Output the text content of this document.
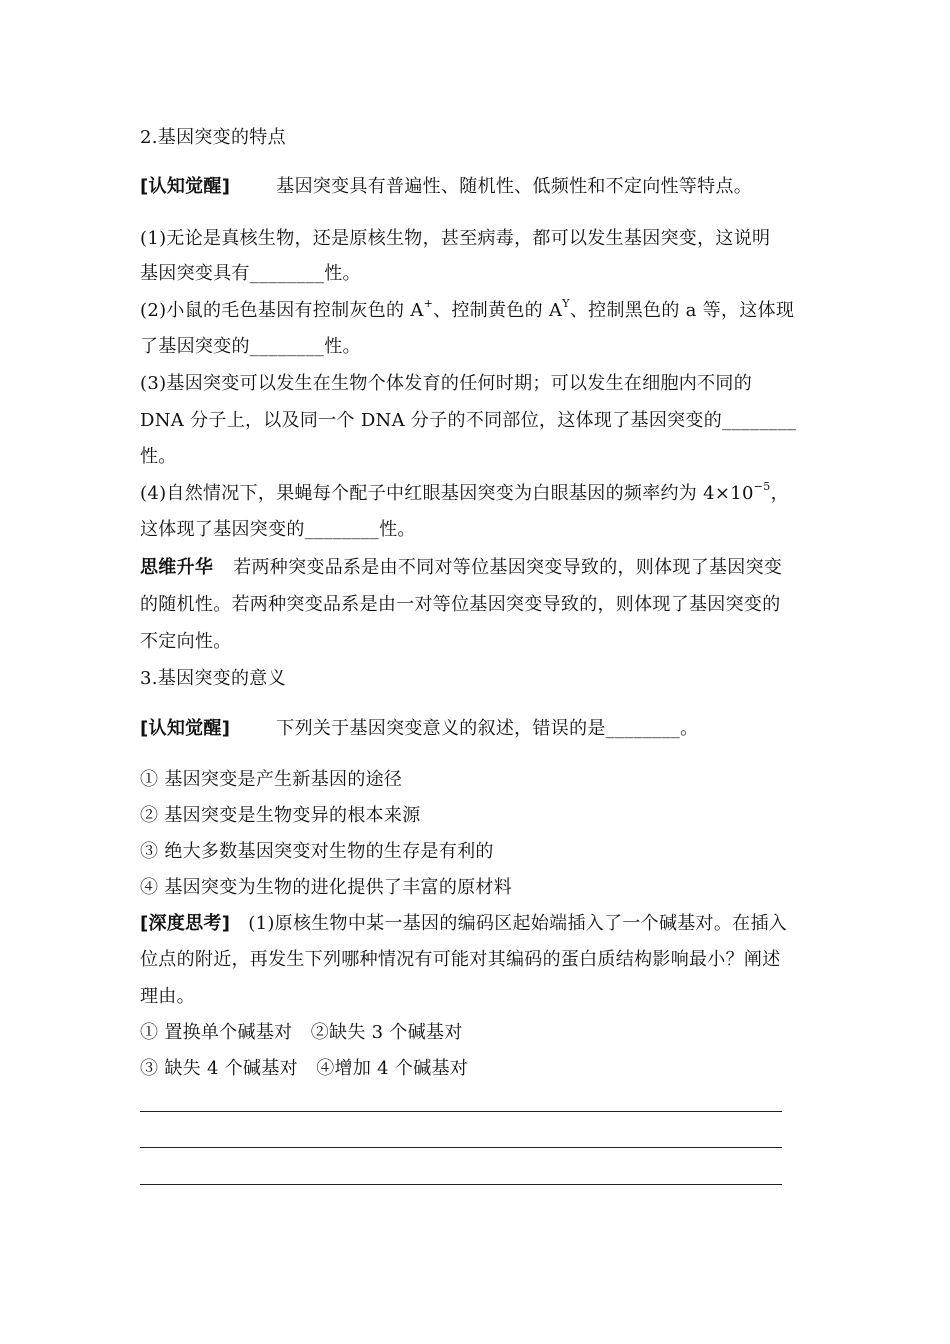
2.基因突变的特点
[认知觉醒]	基因突变具有普遍性、随机性、低频性和不定向性等特点。
(1)无论是真核生物，还是原核生物，甚至病毒，都可以发生基因突变，这说明
基因突变具有________性。
(2)小鼠的毛色基因有控制灰色的 A+、控制黄色的 $A^Y$、控制黑色的 a 等，这体现
了基因突变的________性。
(3)基因突变可以发生在生物个体发育的任何时期；可以发生在细胞内不同的
DNA 分子上，以及同一个 DNA 分子的不同部位，这体现了基因突变的________
性。
(4)自然情况下，果蝇每个配子中红眼基因突变为白眼基因的频率约为 $4\times 10^{-5}$，
这体现了基因突变的________性。
思维升华 若两种突变品系是由不同对等位基因突变导致的，则体现了基因突变
的随机性。若两种突变品系是由一对等位基因突变导致的，则体现了基因突变的
不定向性。
3.基因突变的意义
[认知觉醒]	下列关于基因突变意义的叙述，错误的是________。
① 基因突变是产生新基因的途径
② 基因突变是生物变异的根本来源
③ 绝大多数基因突变对生物的生存是有利的
④ 基因突变为生物的进化提供了丰富的原材料
[深度思考] (1)原核生物中某一基因的编码区起始端插入了一个碱基对。在插入
位点的附近，再发生下列哪种情况有可能对其编码的蛋白质结构影响最小？阐述
理由。
① 置换单个碱基对　②缺失 3 个碱基对
③ 缺失 4 个碱基对　④增加 4 个碱基对
